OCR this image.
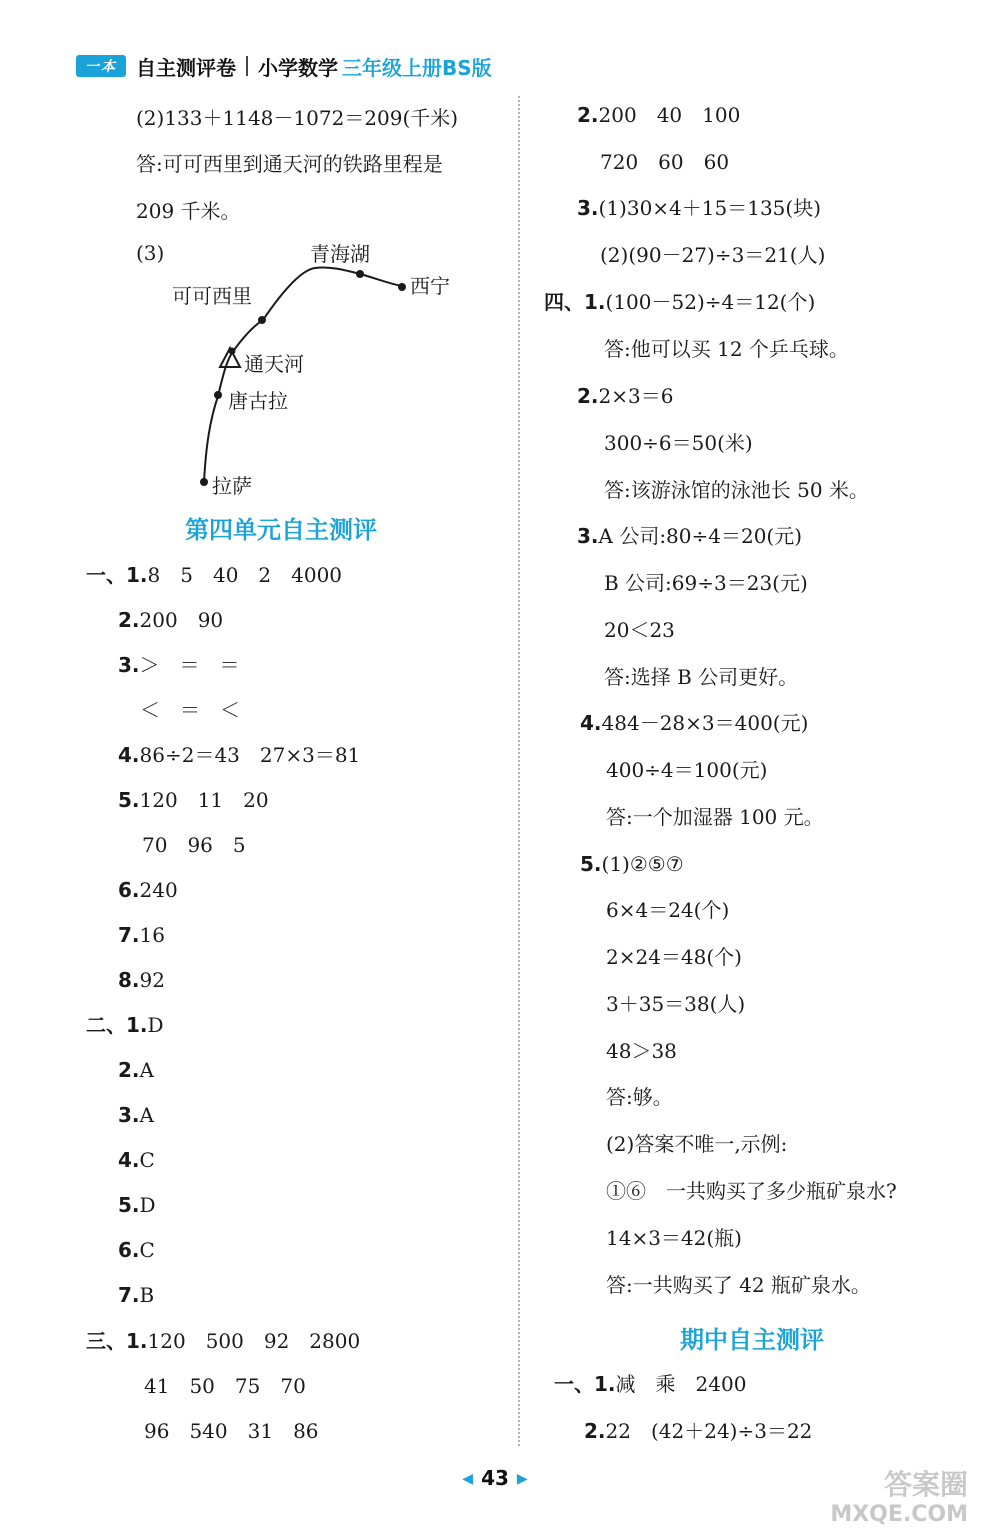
一本 自主测评卷 小学数学 三年级上册BS版
(2)133＋1148－1072＝209(千米)
答:可可西里到通天河的铁路里程是
209 千米。
(3)	青海湖
西宁
可可西里
通天河
唐古拉
拉萨
第四单元自主测评
一、1.8　5　40　2　4000
2.200　90
3.＞　＝　＝
＜　＝　＜
4.86÷2＝43　27×3＝81
5.120　11　20
70　96　5
6.240
7.16
8.92
二、1.D
2.A
3.A
4.C
5.D
6.C
7.B
三、1.120　500　92　2800
41　50　75　70
96　540　31　86
2.200　40　100
720　60　60
3.(1)30×4＋15＝135(块)
(2)(90－27)÷3＝21(人)
四、1.(100－52)÷4＝12(个)
答:他可以买 12 个乒乓球。
2.2×3＝6
300÷6＝50(米)
答:该游泳馆的泳池长 50 米。
3.A 公司:80÷4＝20(元)
B 公司:69÷3＝23(元)
20＜23
答:选择 B 公司更好。
4.484－28×3＝400(元)
400÷4＝100(元)
答:一个加湿器 100 元。
5.(1)②⑤⑦
6×4＝24(个)
2×24＝48(个)
3＋35＝38(人)
48＞38
答:够。
(2)答案不唯一,示例:
①⑥　一共购买了多少瓶矿泉水?
14×3＝42(瓶)
答:一共购买了 42 瓶矿泉水。
期中自主测评
一、1.减　乘　2400
2.22　(42＋24)÷3＝22
◀ 43 ▶	答案圈
MXQE.COM
